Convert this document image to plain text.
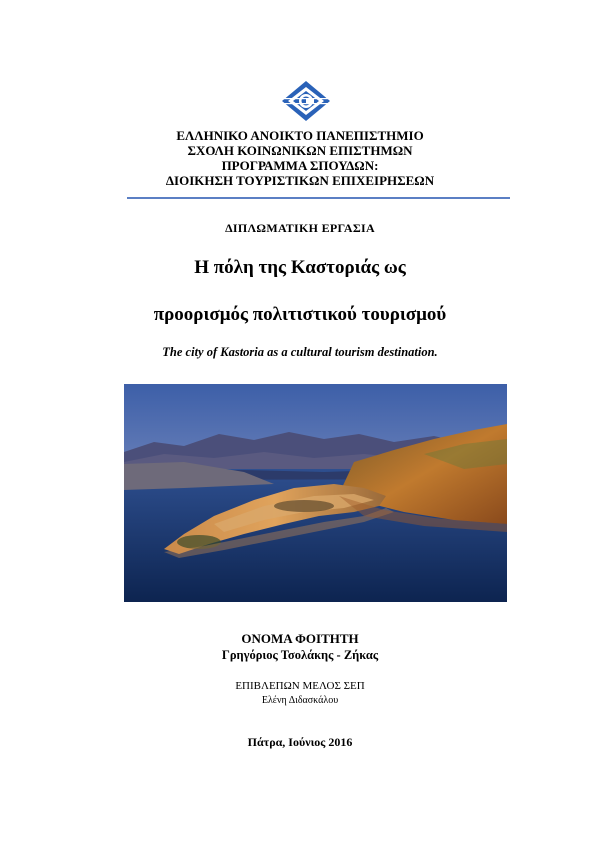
ΕΛΛΗΝΙΚΟ ΑΝΟΙΚΤΟ ΠΑΝΕΠΙΣΤΗΜΙΟ
ΣΧΟΛΗ ΚΟΙΝΩΝΙΚΩΝ ΕΠΙΣΤΗΜΩΝ
ΠΡΟΓΡΑΜΜΑ ΣΠΟΥΔΩΝ:
ΔΙΟΙΚΗΣΗ ΤΟΥΡΙΣΤΙΚΩΝ ΕΠΙΧΕΙΡΗΣΕΩΝ
ΔΙΠΛΩΜΑΤΙΚΗ ΕΡΓΑΣΙΑ
Η πόλη της Καστοριάς ως
προορισμός πολιτιστικού τουρισμού
The city of Kastoria as a cultural tourism destination.
ΟΝΟΜΑ ΦΟΙΤΗΤΗ
Γρηγόριος Τσολάκης - Ζήκας
ΕΠΙΒΛΕΠΩΝ ΜΕΛΟΣ ΣΕΠ
Ελένη Διδασκάλου
Πάτρα, Ιούνιος 2016
